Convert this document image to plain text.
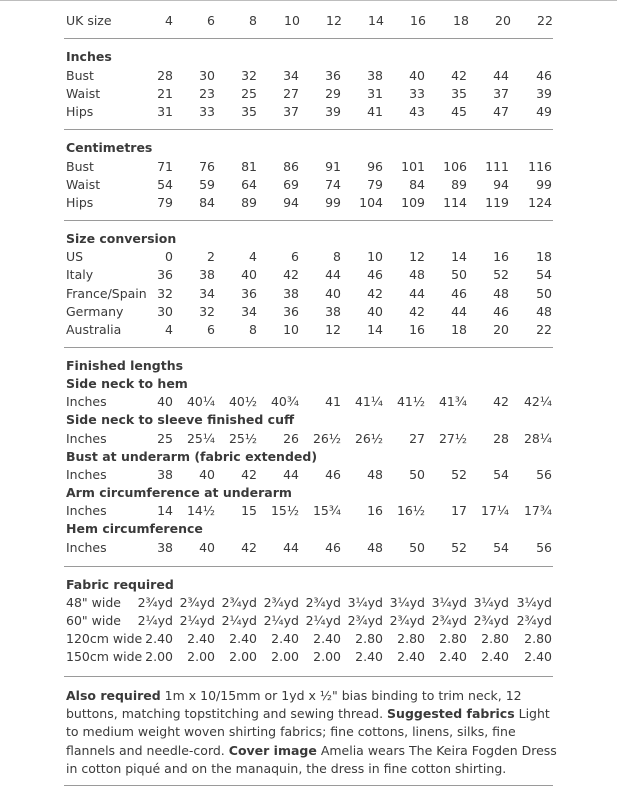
UK size	4	6	8	10	12	14	16	18	20	22
Inches
Bust	28	30	32	34	36	38	40	42	44	46
Waist	21	23	25	27	29	31	33	35	37	39
Hips	31	33	35	37	39	41	43	45	47	49
Centimetres
Bust	71	76	81	86	91	96	101	106	111	116
Waist	54	59	64	69	74	79	84	89	94	99
Hips	79	84	89	94	99	104	109	114	119	124
Size conversion
US	0	2	4	6	8	10	12	14	16	18
Italy	36	38	40	42	44	46	48	50	52	54
France/Spain 32	34	36	38	40	42	44	46	48	50
Germany	30	32	34	36	38	40	42	44	46	48
Australia	4	6	8	10	12	14	16	18	20	22
Finished lengths
Side neck to hem
Inches	40	40¼	40½	40¾	41	41¼	41½	41¾	42	42¼
Side neck to sleeve finished cuff
Inches	25	25¼	25½	26	26½	26½	27	27½	28	28¼
Bust at underarm (fabric extended)
Inches	38	40	42	44	46	48	50	52	54	56
Arm circumference at underarm
Inches	14	14½	15	15½	15¾	16	16½	17	17¼	17¾
Hem circumference
Inches	38	40	42	44	46	48	50	52	54	56
Fabric required
48" wide	2¾yd 2¾yd 2¾yd 2¾yd 2¾yd 3¼yd 3¼yd 3¼yd 3¼yd 3¼yd
60" wide	2¼yd 2¼yd 2¼yd 2¼yd 2¼yd 2¾yd 2¾yd 2¾yd 2¾yd 2¾yd
120cm wide 2.40	2.40	2.40	2.40	2.40	2.80	2.80	2.80	2.80	2.80
150cm wide 2.00	2.00	2.00	2.00	2.00	2.40	2.40	2.40	2.40	2.40
Also required 1m x 10/15mm or 1yd x ½" bias binding to trim neck, 12 buttons, matching topstitching and sewing thread. Suggested fabrics Light to medium weight woven shirting fabrics; fine cottons, linens, silks, fine flannels and needle-cord. Cover image Amelia wears The Keira Fogden Dress in cotton piqué and on the manaquin, the dress in fine cotton shirting.
